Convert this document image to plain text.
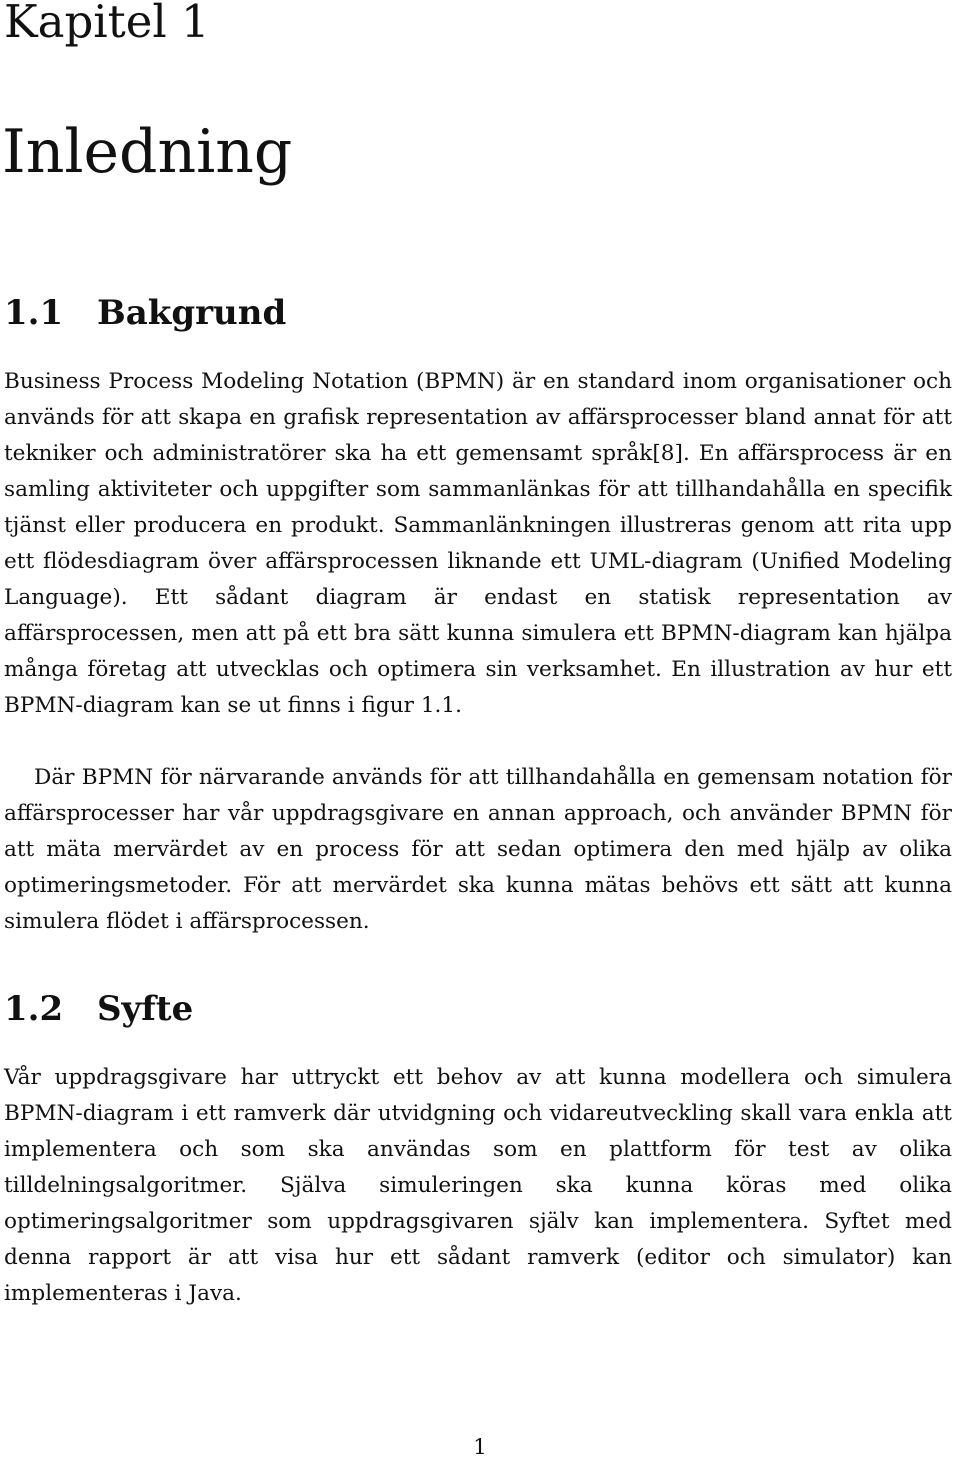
Kapitel 1
Inledning
1.1 Bakgrund

Business Process Modeling Notation (BPMN) är en standard inom organisationer och används för att skapa en grafisk representation av affärsprocesser bland annat för att tekniker och administratörer ska ha ett gemensamt språk[8]. En affärsprocess är en samling aktiviteter och uppgifter som sammanlänkas för att tillhandahålla en specifik tjänst eller producera en produkt. Sammanlänkningen illustreras genom att rita upp ett flödesdiagram över affärsprocessen liknande ett UML-diagram (Unified Modeling Language). Ett sådant diagram är endast en statisk representation av affärsprocessen, men att på ett bra sätt kunna simulera ett BPMN-diagram kan hjälpa många företag att utvecklas och optimera sin verksamhet. En illustration av hur ett BPMN-diagram kan se ut finns i figur 1.1.

Där BPMN för närvarande används för att tillhandahålla en gemensam notation för affärsprocesser har vår uppdragsgivare en annan approach, och använder BPMN för att mäta mervärdet av en process för att sedan optimera den med hjälp av olika optimeringsmetoder. För att mervärdet ska kunna mätas behövs ett sätt att kunna simulera flödet i affärsprocessen.

1.2 Syfte

Vår uppdragsgivare har uttryckt ett behov av att kunna modellera och simulera BPMN-diagram i ett ramverk där utvidgning och vidareutveckling skall vara enkla att implementera och som ska användas som en plattform för test av olika tilldelningsalgoritmer. Själva simuleringen ska kunna köras med olika optimeringsalgoritmer som uppdragsgivaren själv kan implementera. Syftet med denna rapport är att visa hur ett sådant ramverk (editor och simulator) kan implementeras i Java.

1
